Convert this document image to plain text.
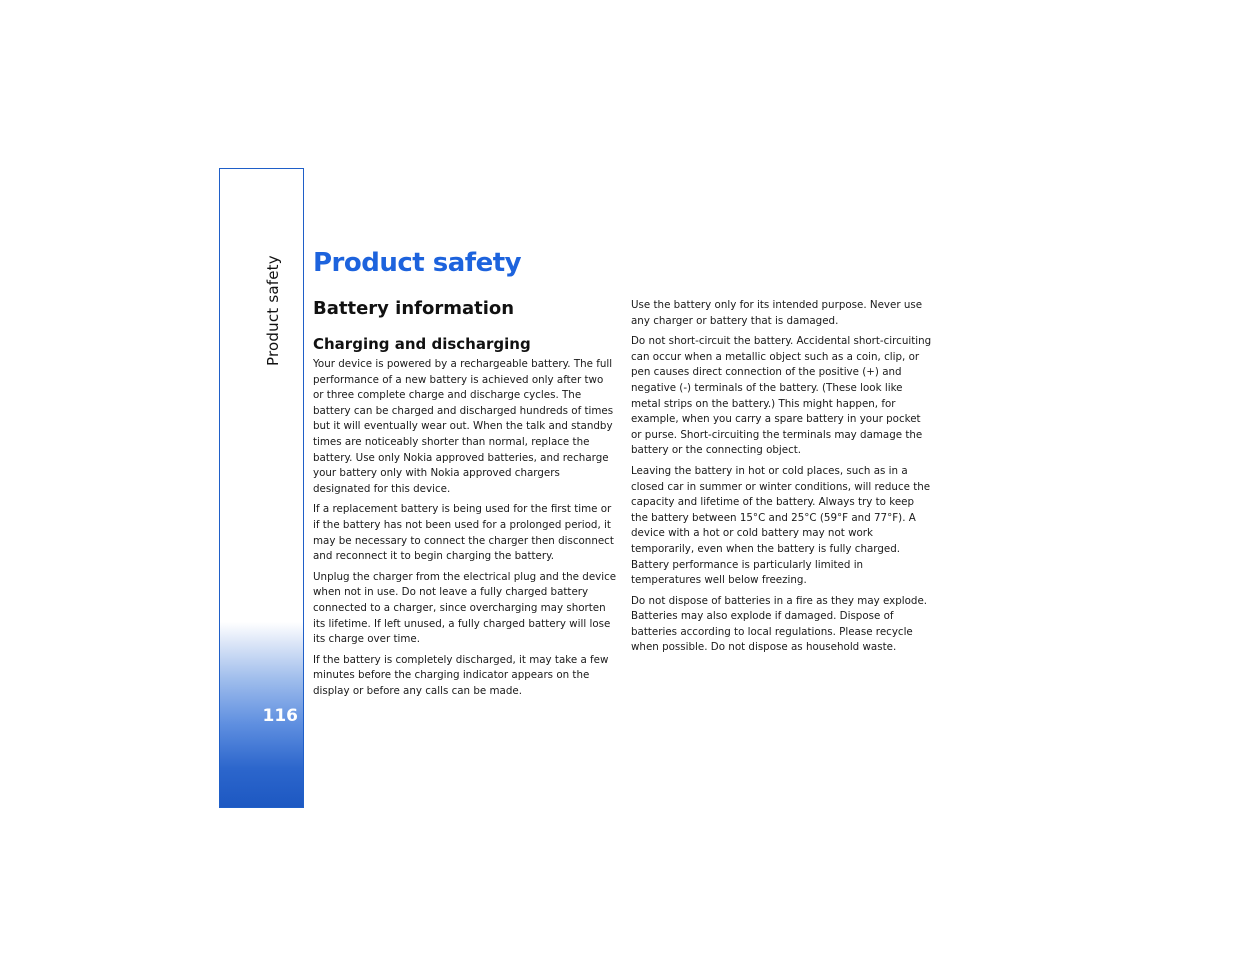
Product safety
116
Product safety
Battery information
Charging and discharging

Your device is powered by a rechargeable battery. The full performance of a new battery is achieved only after two or three complete charge and discharge cycles. The battery can be charged and discharged hundreds of times but it will eventually wear out. When the talk and standby times are noticeably shorter than normal, replace the battery. Use only Nokia approved batteries, and recharge your battery only with Nokia approved chargers designated for this device.

If a replacement battery is being used for the first time or if the battery has not been used for a prolonged period, it may be necessary to connect the charger then disconnect and reconnect it to begin charging the battery.

Unplug the charger from the electrical plug and the device when not in use. Do not leave a fully charged battery connected to a charger, since overcharging may shorten its lifetime. If left unused, a fully charged battery will lose its charge over time.

If the battery is completely discharged, it may take a few minutes before the charging indicator appears on the display or before any calls can be made.

Use the battery only for its intended purpose. Never use any charger or battery that is damaged.

Do not short-circuit the battery. Accidental short-circuiting can occur when a metallic object such as a coin, clip, or pen causes direct connection of the positive (+) and negative (-) terminals of the battery. (These look like metal strips on the battery.) This might happen, for example, when you carry a spare battery in your pocket or purse. Short-circuiting the terminals may damage the battery or the connecting object.

Leaving the battery in hot or cold places, such as in a closed car in summer or winter conditions, will reduce the capacity and lifetime of the battery. Always try to keep the battery between 15°C and 25°C (59°F and 77°F). A device with a hot or cold battery may not work temporarily, even when the battery is fully charged. Battery performance is particularly limited in temperatures well below freezing.

Do not dispose of batteries in a fire as they may explode. Batteries may also explode if damaged. Dispose of batteries according to local regulations. Please recycle when possible. Do not dispose as household waste.
